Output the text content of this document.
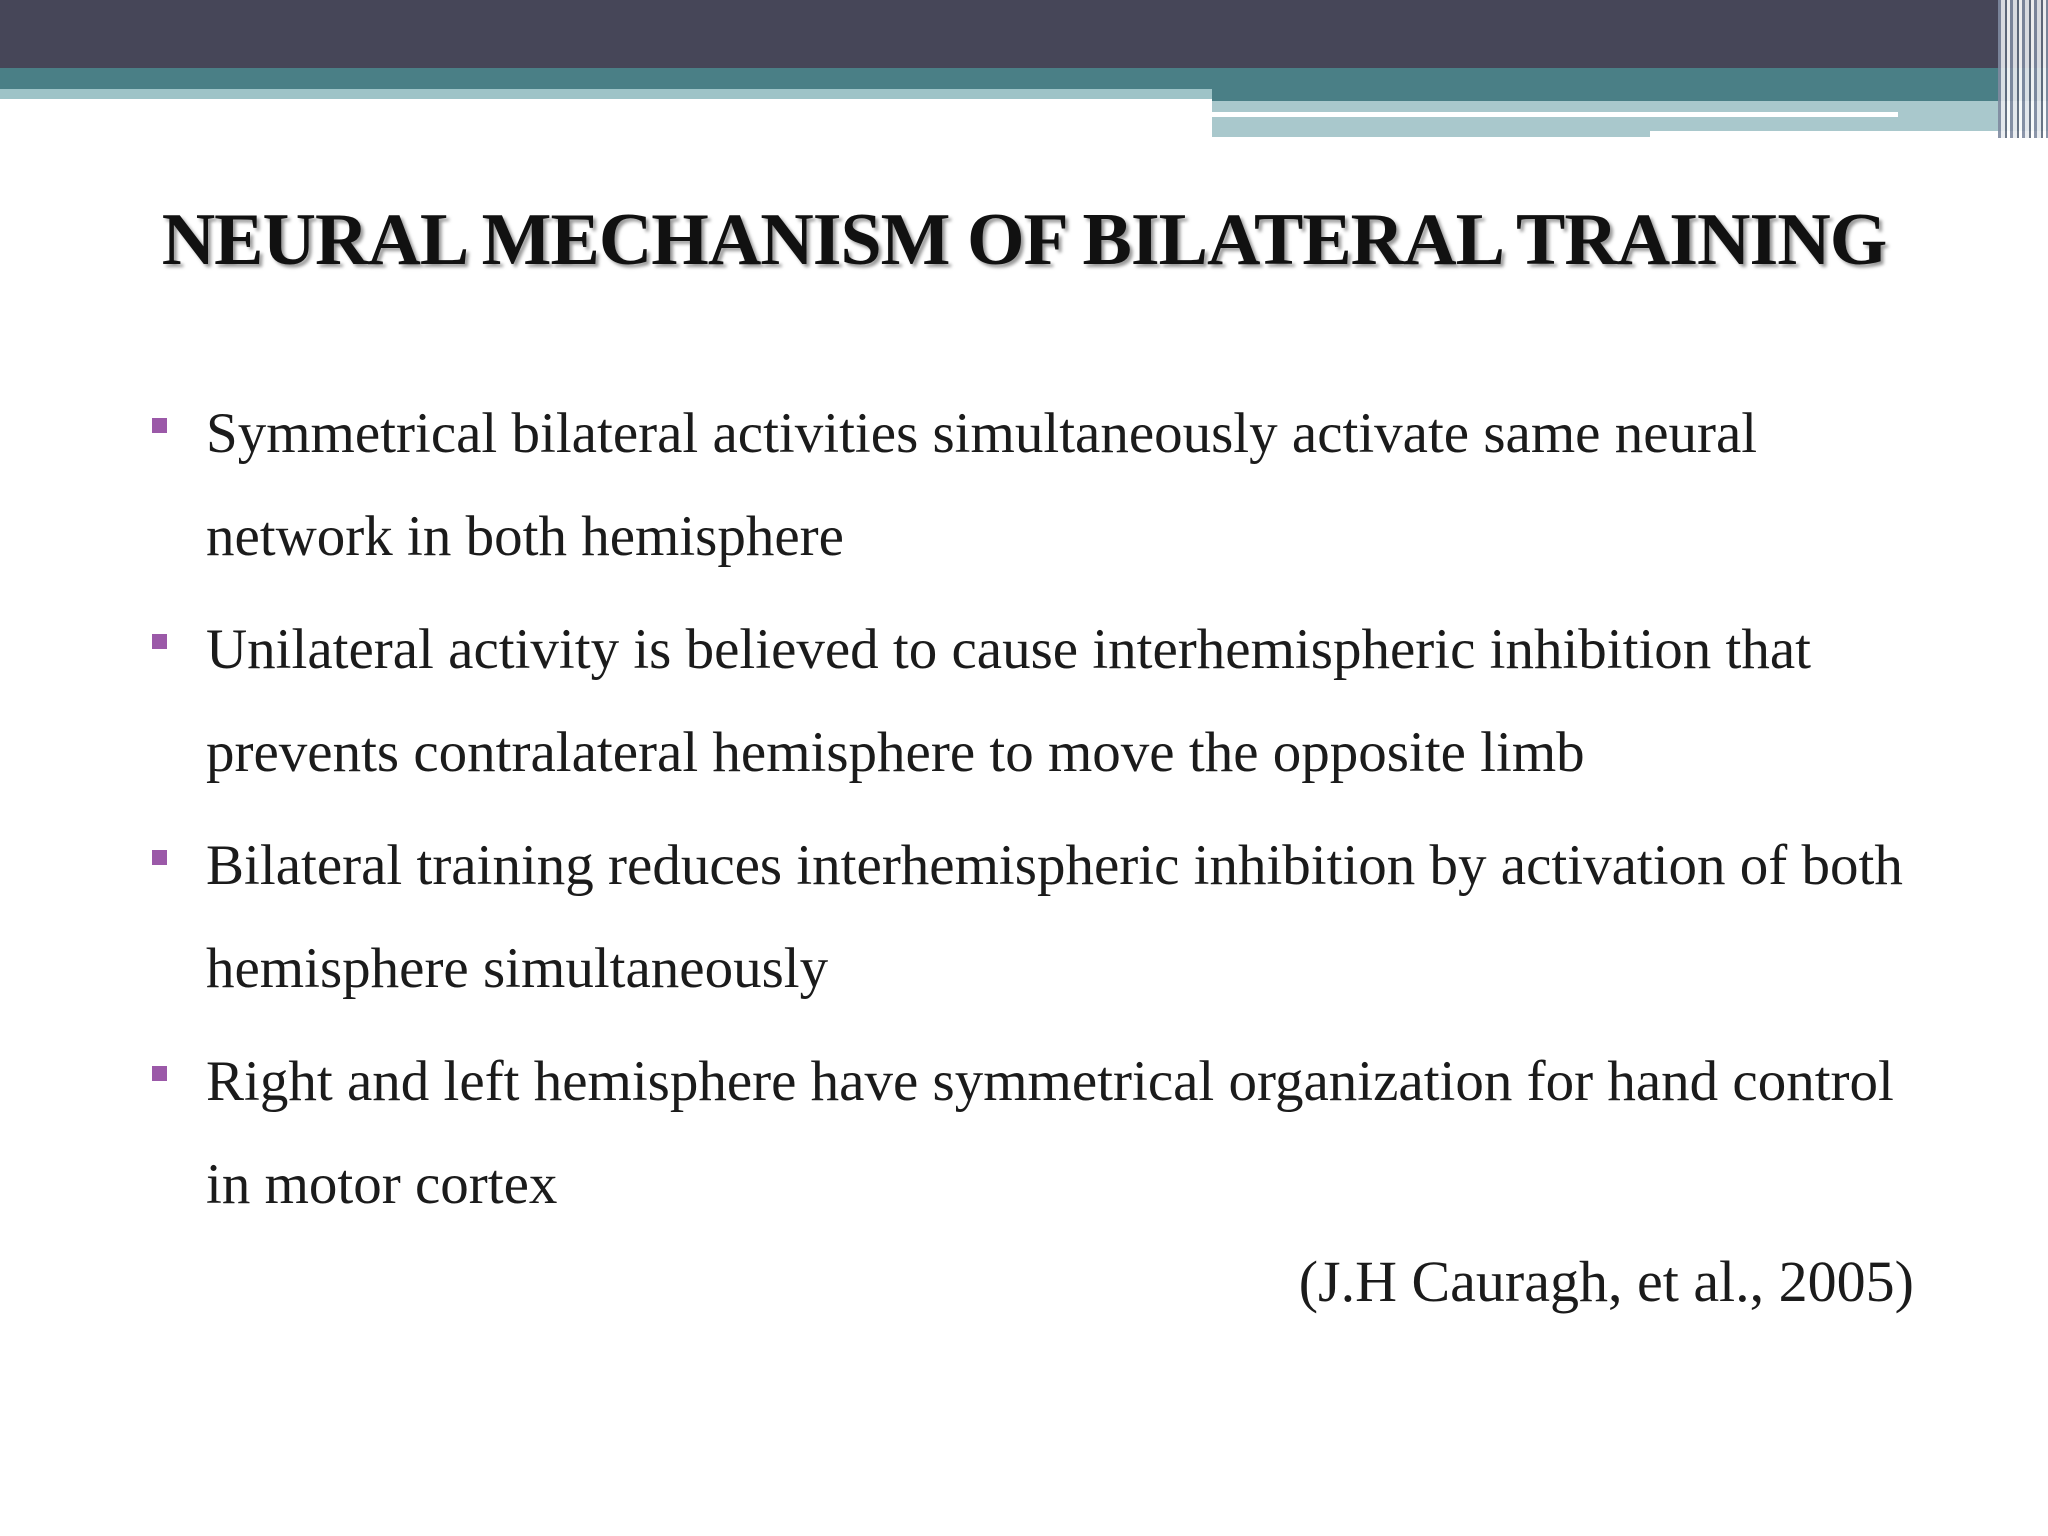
NEURAL MECHANISM OF BILATERAL TRAINING
Symmetrical bilateral activities simultaneously activate same neural network in both hemisphere
Unilateral activity is believed to cause interhemispheric inhibition that prevents contralateral hemisphere to move the opposite limb
Bilateral training reduces interhemispheric inhibition by activation of both hemisphere simultaneously
Right and left hemisphere have symmetrical organization for hand control in motor cortex
(J.H Cauragh, et al., 2005)
